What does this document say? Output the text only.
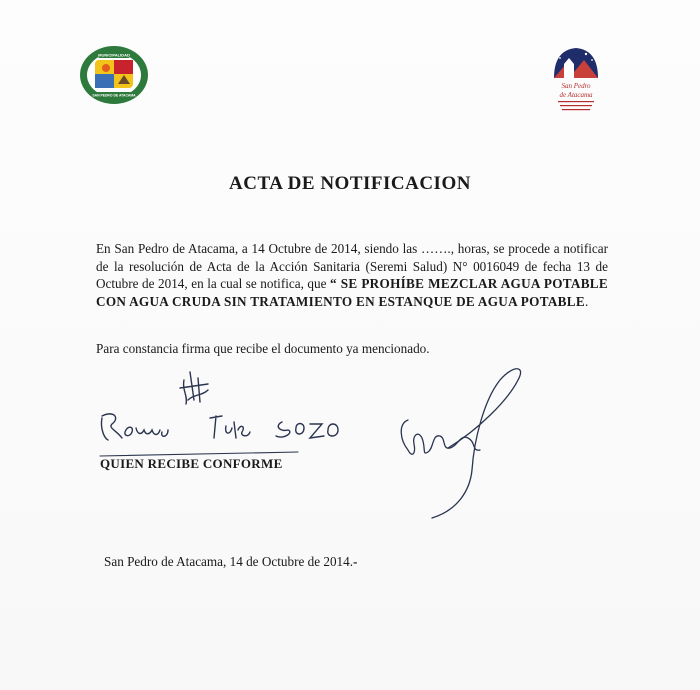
MUNICIPALIDAD
SAN PEDRO DE ATACAMA
San Pedro
de Atacama
ACTA DE NOTIFICACION
En San Pedro de Atacama, a 14 Octubre de 2014, siendo las ……., horas, se procede a notificar de la resolución de Acta de la Acción Sanitaria (Seremi Salud) N° 0016049 de fecha 13 de Octubre de 2014, en la cual se notifica, que “ SE PROHÍBE MEZCLAR AGUA POTABLE CON AGUA CRUDA SIN TRATAMIENTO EN ESTANQUE DE AGUA POTABLE.
Para constancia firma que recibe el documento ya mencionado.
QUIEN RECIBE CONFORME
San Pedro de Atacama, 14 de Octubre de 2014.-
